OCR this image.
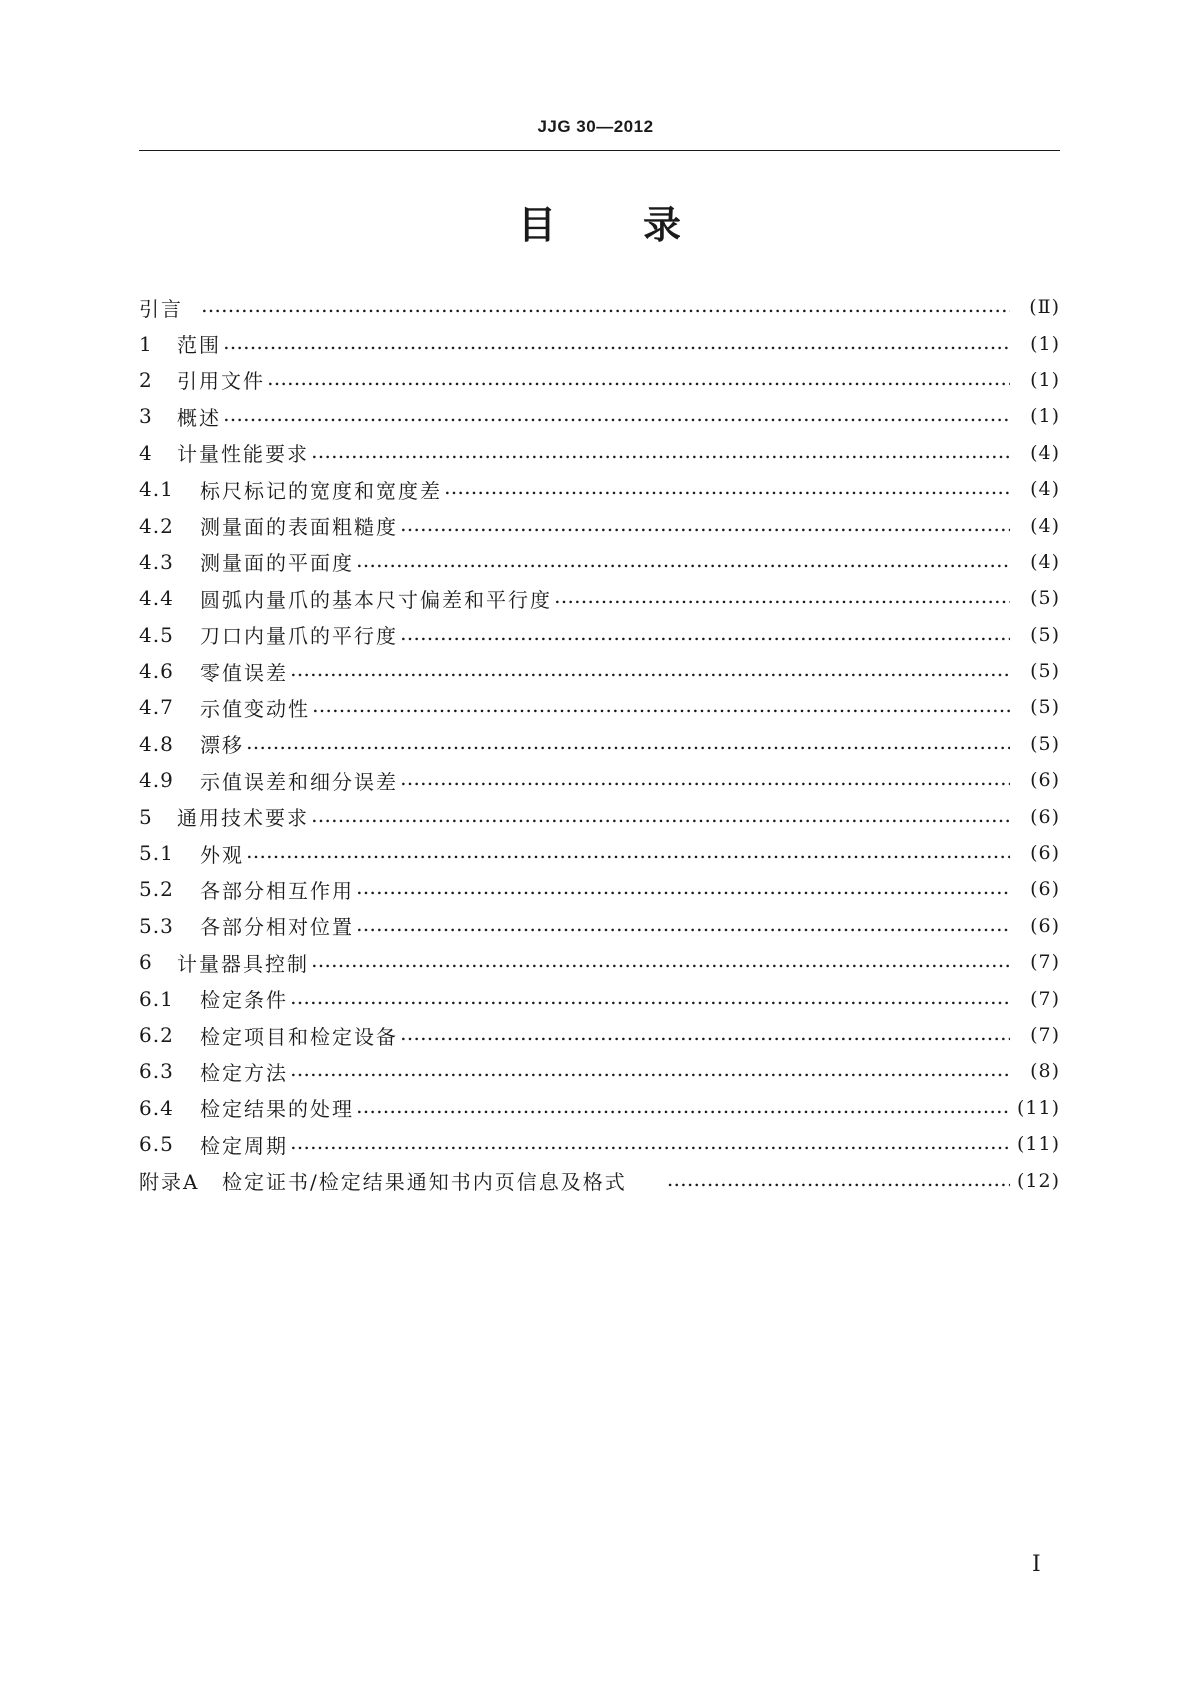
JJG 30—2012
目 录
引言 ……………………………………………………………………………………………………………………………………………………………………………………	(Ⅱ)
1	范围 ……………………………………………………………………………………………………………………………………………………………………………………	(1)
2	引用文件 ……………………………………………………………………………………………………………………………………………………………………………………	(1)
3	概述 ……………………………………………………………………………………………………………………………………………………………………………………	(1)
4	计量性能要求 ……………………………………………………………………………………………………………………………………………………………………………………	(4)
4.1	标尺标记的宽度和宽度差 ……………………………………………………………………………………………………………………………………………………………………………………	(4)
4.2	测量面的表面粗糙度 ……………………………………………………………………………………………………………………………………………………………………………………	(4)
4.3	测量面的平面度 ……………………………………………………………………………………………………………………………………………………………………………………	(4)
4.4	圆弧内量爪的基本尺寸偏差和平行度 ……………………………………………………………………………………………………………………………………………………………………………………	(5)
4.5	刀口内量爪的平行度 ……………………………………………………………………………………………………………………………………………………………………………………	(5)
4.6	零值误差 ……………………………………………………………………………………………………………………………………………………………………………………	(5)
4.7	示值变动性 ……………………………………………………………………………………………………………………………………………………………………………………	(5)
4.8	漂移 ……………………………………………………………………………………………………………………………………………………………………………………	(5)
4.9	示值误差和细分误差 ……………………………………………………………………………………………………………………………………………………………………………………	(6)
5	通用技术要求 ……………………………………………………………………………………………………………………………………………………………………………………	(6)
5.1	外观 ……………………………………………………………………………………………………………………………………………………………………………………	(6)
5.2	各部分相互作用 ……………………………………………………………………………………………………………………………………………………………………………………	(6)
5.3	各部分相对位置 ……………………………………………………………………………………………………………………………………………………………………………………	(6)
6	计量器具控制 ……………………………………………………………………………………………………………………………………………………………………………………	(7)
6.1	检定条件 ……………………………………………………………………………………………………………………………………………………………………………………	(7)
6.2	检定项目和检定设备 ……………………………………………………………………………………………………………………………………………………………………………………	(7)
6.3	检定方法 ……………………………………………………………………………………………………………………………………………………………………………………	(8)
6.4	检定结果的处理 ……………………………………………………………………………………………………………………………………………………………………………………	(11)
6.5	检定周期 ……………………………………………………………………………………………………………………………………………………………………………………	(11)
附录A	检定证书/检定结果通知书内页信息及格式 ……………………………………………………………………………………………………………………………………………………………………………………	(12)
I
